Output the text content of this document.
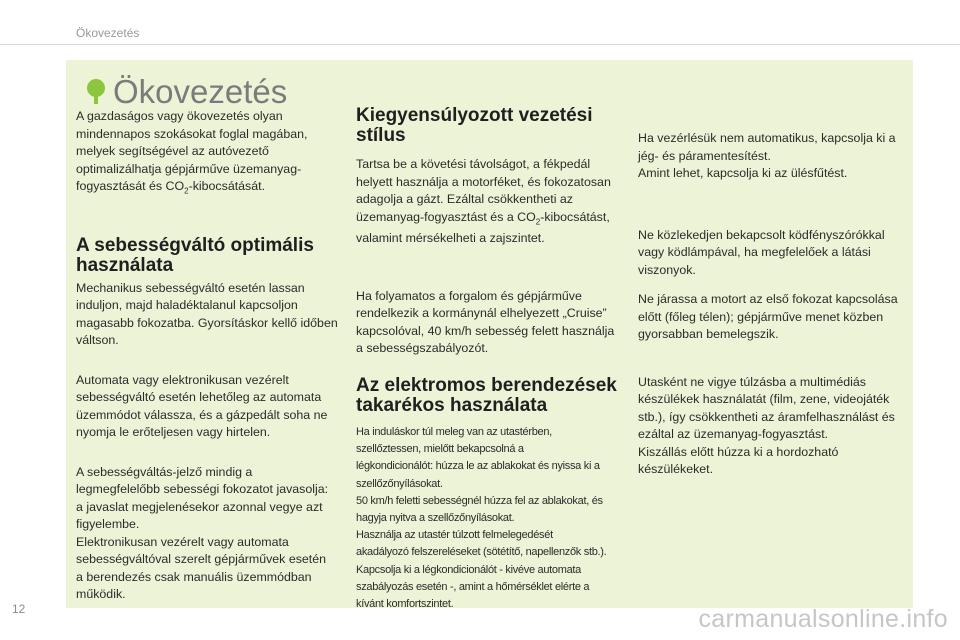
Ökovezetés
Ökovezetés

A gazdaságos vagy ökovezetés olyan
mindennapos szokásokat foglal magában,
melyek segítségével az autóvezető
optimalizálhatja gépjárműve üzemanyag-
fogyasztását és $CO_2$-kibocsátását.

A sebességváltó optimális
használata

Mechanikus sebességváltó esetén lassan
induljon, majd haladéktalanul kapcsoljon
magasabb fokozatba. Gyorsításkor kellő időben
váltson.

Automata vagy elektronikusan vezérelt
sebességváltó esetén lehetőleg az automata
üzemmódot válassza, és a gázpedált soha ne
nyomja le erőteljesen vagy hirtelen.

A sebességváltás-jelző mindig a
legmegfelelőbb sebességi fokozatot javasolja:
a javaslat megjelenésekor azonnal vegye azt
figyelembe.
Elektronikusan vezérelt vagy automata
sebességváltóval szerelt gépjárművek esetén
a berendezés csak manuális üzemmódban
működik.

Kiegyensúlyozott vezetési
stílus

Tartsa be a követési távolságot, a fékpedál
helyett használja a motorféket, és fokozatosan
adagolja a gázt. Ezáltal csökkentheti az
üzemanyag-fogyasztást és a $CO_2$-kibocsátást,
valamint mérsékelheti a zajszintet.

Ha folyamatos a forgalom és gépjárműve
rendelkezik a kormánynál elhelyezett „Cruise”
kapcsolóval, 40 km/h sebesség felett használja
a sebességszabályozót.

Az elektromos berendezések
takarékos használata

Ha induláskor túl meleg van az utastérben,
szellőztessen, mielőtt bekapcsolná a
légkondicionálót: húzza le az ablakokat és nyissa ki a
szellőzőnyílásokat.
50 km/h feletti sebességnél húzza fel az ablakokat, és
hagyja nyitva a szellőzőnyílásokat.
Használja az utastér túlzott felmelegedését
akadályozó felszereléseket (sötétítő, napellenzők stb.).
Kapcsolja ki a légkondicionálót - kivéve automata
szabályozás esetén -, amint a hőmérséklet elérte a
kívánt komfortszintet.

Ha vezérlésük nem automatikus, kapcsolja ki a
jég- és páramentesítést.
Amint lehet, kapcsolja ki az ülésfűtést.

Ne közlekedjen bekapcsolt ködfényszórókkal
vagy ködlámpával, ha megfelelőek a látási
viszonyok.

Ne járassa a motort az első fokozat kapcsolása
előtt (főleg télen); gépjárműve menet közben
gyorsabban bemelegszik.

Utasként ne vigye túlzásba a multimédiás
készülékek használatát (film, zene, videojáték
stb.), így csökkentheti az áramfelhasználást és
ezáltal az üzemanyag-fogyasztást.
Kiszállás előtt húzza ki a hordozható
készülékeket.

12	carmanualsonline.info
